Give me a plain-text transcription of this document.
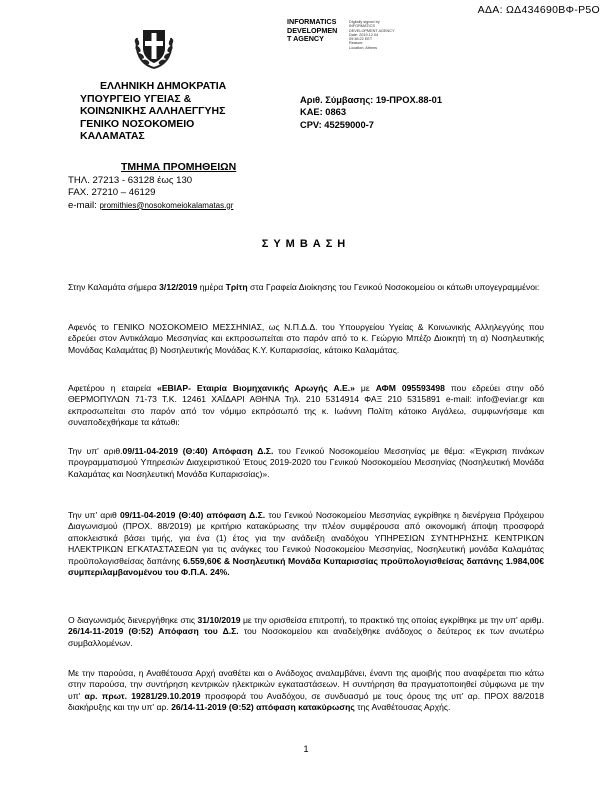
ΑΔΑ: ΩΔ434690ΒΦ-Ρ5Ο
INFORMATICS
DEVELOPMEN
T AGENCY
Digitally signed by
INFORMATICS
DEVELOPMENT AGENCY
Date: 2019.12.04
09:38:22 EET
Reason:
Location: Athens
ΕΛΛΗΝΙΚΗ ΔΗΜΟΚΡΑΤΙΑ
ΥΠΟΥΡΓΕΙΟ ΥΓΕΙΑΣ &
ΚΟΙΝΩΝΙΚΗΣ ΑΛΛΗΛΕΓΓΥΗΣ
ΓΕΝΙΚΟ ΝΟΣΟΚΟΜΕΙΟ
ΚΑΛΑΜΑΤΑΣ
Αριθ. Σύμβασης: 19-ΠΡΟΧ.88-01
ΚΑΕ: 0863
CPV: 45259000-7
ΤΜΗΜΑ ΠΡΟΜΗΘΕΙΩΝ
ΤΗΛ. 27213 - 63128 έως 130
FAX. 27210 – 46129
e-mail: promithies@nosokomeiokalamatas.gr
ΣΥΜΒΑΣΗ
Στην Καλαμάτα σήμερα 3/12/2019 ημέρα Τρίτη στα Γραφεία Διοίκησης του Γενικού Νοσοκομείου οι κάτωθι υπογεγραμμένοι:
Αφενός το ΓΕΝΙΚΟ ΝΟΣΟΚΟΜΕΙΟ ΜΕΣΣΗΝΙΑΣ, ως Ν.Π.Δ.Δ. του Υπουργείου Υγείας & Κοινωνικής Αλληλεγγύης που εδρεύει στον Αντικάλαμο Μεσσηνίας και εκπροσωπείται στο παρόν από το κ. Γεώργιο Μπέζο Διοικητή τη α) Νοσηλευτικής Μονάδας Καλαμάτας β) Νοσηλευτικής Μονάδας Κ.Υ. Κυπαρισσίας, κάτοικο Καλαμάτας.
Αφετέρου η εταιρεία «ΕΒΙΑΡ- Εταιρία Βιομηχανικής Αρωγής Α.Ε.» με ΑΦΜ 095593498 που εδρεύει στην οδό ΘΕΡΜΟΠΥΛΩΝ 71-73 Τ.Κ. 12461 ΧΑΪΔΑΡΙ ΑΘΗΝΑ Τηλ. 210 5314914 ΦΑΞ 210 5315891 e-mail: info@eviar.gr και εκπροσωπείται στο παρόν από τον νόμιμο εκπρόσωπό της κ. Ιωάννη Πολίτη κάτοικο Αιγάλεω, συμφωνήσαμε και συναποδεχθήκαμε τα κάτωθι:
Την υπ' αριθ.09/11-04-2019 (Θ:40) Απόφαση Δ.Σ. του Γενικού Νοσοκομείου Μεσσηνίας με θέμα: «Έγκριση πινάκων προγραμματισμού Υπηρεσιών Διαχειριστικού Έτους 2019-2020 του Γενικού Νοσοκομείου Μεσσηνίας (Νοσηλευτική Μονάδα Καλαμάτας και Νοσηλευτική Μονάδα Κυπαρισσίας)».
Την υπ' αριθ 09/11-04-2019 (Θ:40) απόφαση Δ.Σ. του Γενικού Νοσοκομείου Μεσσηνίας εγκρίθηκε η διενέργεια Πρόχειρου Διαγωνισμού (ΠΡΟΧ. 88/2019) με κριτήριο κατακύρωσης την πλέον συμφέρουσα από οικονομική άποψη προσφορά αποκλειστικά βάσει τιμής, για ένα (1) έτος για την ανάδειξη αναδόχου ΥΠΗΡΕΣΙΩΝ ΣΥΝΤΗΡΗΣΗΣ ΚΕΝΤΡΙΚΩΝ ΗΛΕΚΤΡΙΚΩΝ ΕΓΚΑΤΑΣΤΑΣΕΩΝ για τις ανάγκες του Γενικού Νοσοκομείου Μεσσηνίας, Νοσηλευτική μονάδα Καλαμάτας προϋπολογισθείσας δαπάνης 6.559,60€ & Νοσηλευτική Μονάδα Κυπαρισσίας προϋπολογισθείσας δαπάνης 1.984,00€ συμπεριλαμβανομένου του Φ.Π.Α. 24%.
Ο διαγωνισμός διενεργήθηκε στις 31/10/2019 με την ορισθείσα επιτροπή, το πρακτικό της οποίας εγκρίθηκε με την υπ' αριθμ. 26/14-11-2019 (Θ:52) Απόφαση του Δ.Σ. του Νοσοκομείου και αναδείχθηκε ανάδοχος ο δεύτερος εκ των ανωτέρω συμβαλλομένων.
Με την παρούσα, η Αναθέτουσα Αρχή αναθέτει και ο Ανάδοχος αναλαμβάνει, έναντι της αμοιβής που αναφέρεται πιο κάτω στην παρούσα, την συντήρηση κεντρικών ηλεκτρικών εγκαταστάσεων. Η συντήρηση θα πραγματοποιηθεί σύμφωνα με την υπ' αρ. πρωτ. 19281/29.10.2019 προσφορά του Αναδόχου, σε συνδυασμό με τους όρους της υπ' αρ. ΠΡΟΧ 88/2018 διακήρυξης και την υπ' αρ. 26/14-11-2019 (Θ:52) απόφαση κατακύρωσης της Αναθέτουσας Αρχής.
1
